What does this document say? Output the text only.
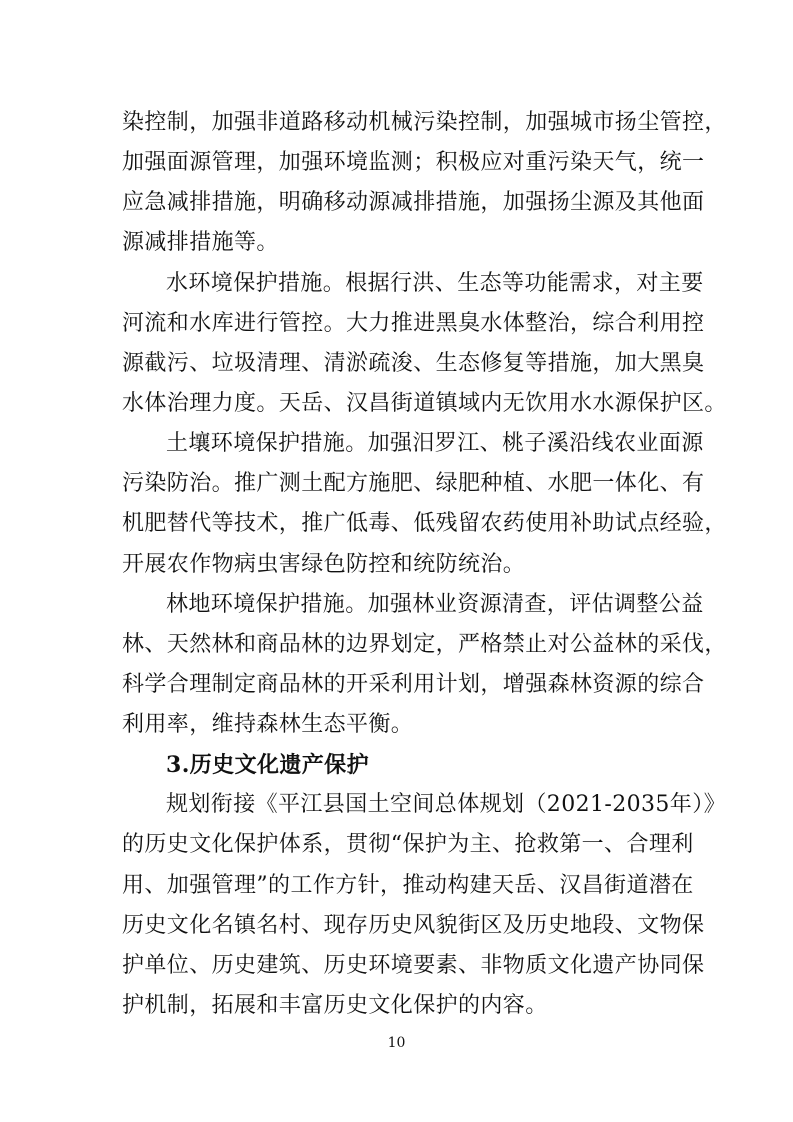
染控制，加强非道路移动机械污染控制，加强城市扬尘管控，
加强面源管理，加强环境监测；积极应对重污染天气，统一
应急减排措施，明确移动源减排措施，加强扬尘源及其他面
源减排措施等。
水环境保护措施。根据行洪、生态等功能需求，对主要
河流和水库进行管控。大力推进黑臭水体整治，综合利用控
源截污、垃圾清理、清淤疏浚、生态修复等措施，加大黑臭
水体治理力度。天岳、汉昌街道镇域内无饮用水水源保护区。
土壤环境保护措施。加强汨罗江、桃子溪沿线农业面源
污染防治。推广测土配方施肥、绿肥种植、水肥一体化、有
机肥替代等技术，推广低毒、低残留农药使用补助试点经验，
开展农作物病虫害绿色防控和统防统治。
林地环境保护措施。加强林业资源清查，评估调整公益
林、天然林和商品林的边界划定，严格禁止对公益林的采伐，
科学合理制定商品林的开采利用计划，增强森林资源的综合
利用率，维持森林生态平衡。
3.历史文化遗产保护
规划衔接《平江县国土空间总体规划（2021-2035年）》
的历史文化保护体系，贯彻“保护为主、抢救第一、合理利
用、加强管理”的工作方针，推动构建天岳、汉昌街道潜在
历史文化名镇名村、现存历史风貌街区及历史地段、文物保
护单位、历史建筑、历史环境要素、非物质文化遗产协同保
护机制，拓展和丰富历史文化保护的内容。
10
